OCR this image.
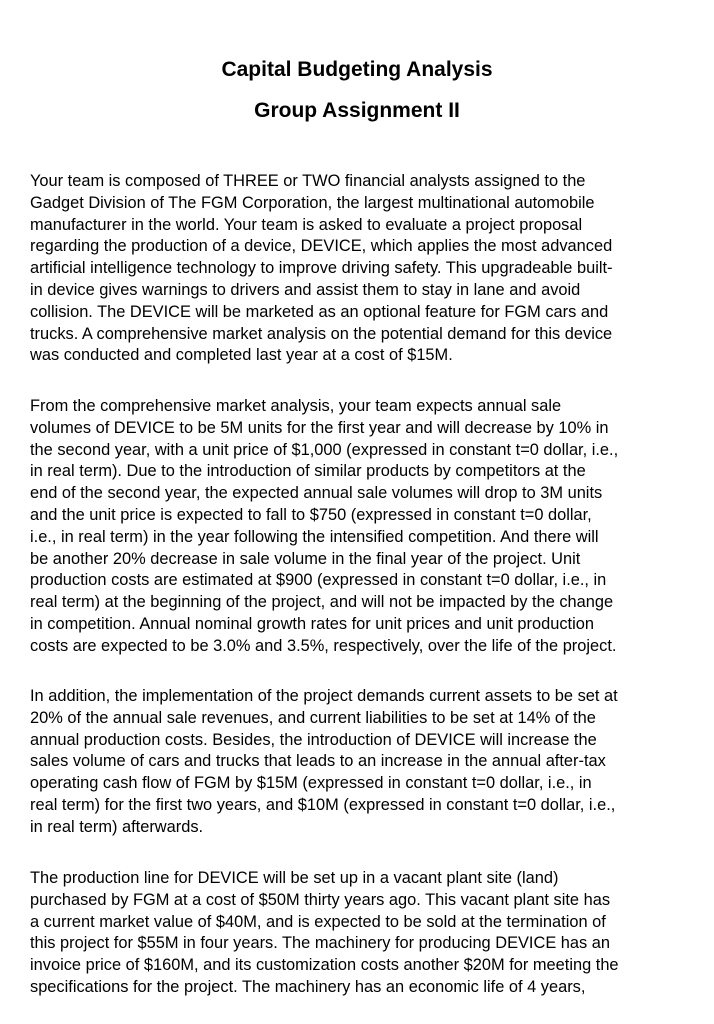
Capital Budgeting Analysis
Group Assignment II

Your team is composed of THREE or TWO financial analysts assigned to the
Gadget Division of The FGM Corporation, the largest multinational automobile
manufacturer in the world. Your team is asked to evaluate a project proposal
regarding the production of a device, DEVICE, which applies the most advanced
artificial intelligence technology to improve driving safety. This upgradeable built-
in device gives warnings to drivers and assist them to stay in lane and avoid
collision. The DEVICE will be marketed as an optional feature for FGM cars and
trucks. A comprehensive market analysis on the potential demand for this device
was conducted and completed last year at a cost of $15M.

From the comprehensive market analysis, your team expects annual sale
volumes of DEVICE to be 5M units for the first year and will decrease by 10% in
the second year, with a unit price of $1,000 (expressed in constant t=0 dollar, i.e.,
in real term). Due to the introduction of similar products by competitors at the
end of the second year, the expected annual sale volumes will drop to 3M units
and the unit price is expected to fall to $750 (expressed in constant t=0 dollar,
i.e., in real term) in the year following the intensified competition. And there will
be another 20% decrease in sale volume in the final year of the project. Unit
production costs are estimated at $900 (expressed in constant t=0 dollar, i.e., in
real term) at the beginning of the project, and will not be impacted by the change
in competition. Annual nominal growth rates for unit prices and unit production
costs are expected to be 3.0% and 3.5%, respectively, over the life of the project.

In addition, the implementation of the project demands current assets to be set at
20% of the annual sale revenues, and current liabilities to be set at 14% of the
annual production costs. Besides, the introduction of DEVICE will increase the
sales volume of cars and trucks that leads to an increase in the annual after-tax
operating cash flow of FGM by $15M (expressed in constant t=0 dollar, i.e., in
real term) for the first two years, and $10M (expressed in constant t=0 dollar, i.e.,
in real term) afterwards.

The production line for DEVICE will be set up in a vacant plant site (land)
purchased by FGM at a cost of $50M thirty years ago. This vacant plant site has
a current market value of $40M, and is expected to be sold at the termination of
this project for $55M in four years. The machinery for producing DEVICE has an
invoice price of $160M, and its customization costs another $20M for meeting the
specifications for the project. The machinery has an economic life of 4 years,
